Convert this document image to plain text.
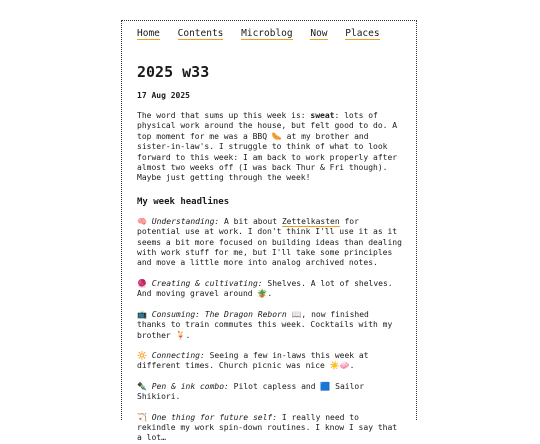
Home Contents Microblog Now Places
2025 w33
17 Aug 2025

The word that sums up this week is: sweat: lots of physical work around the house, but felt good to do. A top moment for me was a BBQ 🌭 at my brother and sister-in-law's. I struggle to think of what to look forward to this week: I am back to work properly after almost two weeks off (I was back Thur & Fri though). Maybe just getting through the week!

My week headlines

🧠 Understanding: A bit about Zettelkasten for potential use at work. I don't think I'll use it as it seems a bit more focused on building ideas than dealing with work stuff for me, but I'll take some principles and move a little more into analog archived notes.

🧶 Creating & cultivating: Shelves. A lot of shelves. And moving gravel around 🪴.

📺 Consuming: The Dragon Reborn 📖, now finished thanks to train commutes this week. Cocktails with my brother 🍹.

🔆 Connecting: Seeing a few in-laws this week at different times. Church picnic was nice ☀️🧼.

✒️ Pen & ink combo: Pilot capless and 🟦 Sailor Shikiori.

🏹 One thing for future self: I really need to rekindle my work spin-down routines. I know I say that a lot…
